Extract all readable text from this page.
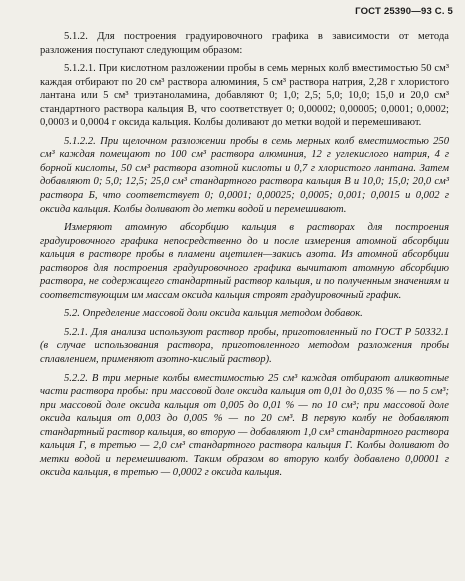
ГОСТ 25390—93 С. 5

5.1.2. Для построения градуировочного графика в зависимости от метода разложения поступают следующим образом:

5.1.2.1. При кислотном разложении пробы в семь мерных колб вместимостью 50 см³ каждая отбирают по 20 см³ раствора алюминия, 5 см³ раствора натрия, 2,28 г хлористого лантана или 5 см³ триэтаноламина, добавляют 0; 1,0; 2,5; 5,0; 10,0; 15,0 и 20,0 см³ стандартного раствора кальция В, что соответствует 0; 0,00002; 0,00005; 0,0001; 0,0002; 0,0003 и 0,0004 г оксида кальция. Колбы доливают до метки водой и перемешивают.

5.1.2.2. При щелочном разложении пробы в семь мерных колб вместимостью 250 см³ каждая помещают по 100 см³ раствора алюминия, 12 г углекислого натрия, 4 г борной кислоты, 50 см³ раствора азотной кислоты и 0,7 г хлористого лантана. Затем добавляют 0; 5,0; 12,5; 25,0 см³ стандартного раствора кальция В и 10,0; 15,0; 20,0 см³ раствора Б, что соответствует 0; 0,0001; 0,00025; 0,0005; 0,001; 0,0015 и 0,002 г оксида кальция. Колбы доливают до метки водой и перемешивают.

Измеряют атомную абсорбцию кальция в растворах для построения градуировочного графика непосредственно до и после измерения атомной абсорбции кальция в растворе пробы в пламени ацетилен—закись азота. Из атомной абсорбции растворов для построения градуировочного графика вычитают атомную абсорбцию раствора, не содержащего стандартный раствор кальция, и по полученным значениям и соответствующим им массам оксида кальция строят градуировочный график.

5.2. Определение массовой доли оксида кальция методом добавок.

5.2.1. Для анализа используют раствор пробы, приготовленный по ГОСТ Р 50332.1 (в случае использования раствора, приготовленного методом разложения пробы сплавлением, применяют азотно-кислый раствор).

5.2.2. В три мерные колбы вместимостью 25 см³ каждая отбирают аликвотные части раствора пробы: при массовой доле оксида кальция от 0,01 до 0,035 % — по 5 см³; при массовой доле оксида кальция от 0,005 до 0,01 % — по 10 см³; при массовой доле оксида кальция от 0,003 до 0,005 % — по 20 см³. В первую колбу не добавляют стандартный раствор кальция, во вторую — добавляют 1,0 см³ стандартного раствора кальция Г, в третью — 2,0 см³ стандартного раствора кальция Г. Колбы доливают до метки водой и перемешивают. Таким образом во вторую колбу добавлено 0,00001 г оксида кальция, в третью — 0,0002 г оксида кальция.
